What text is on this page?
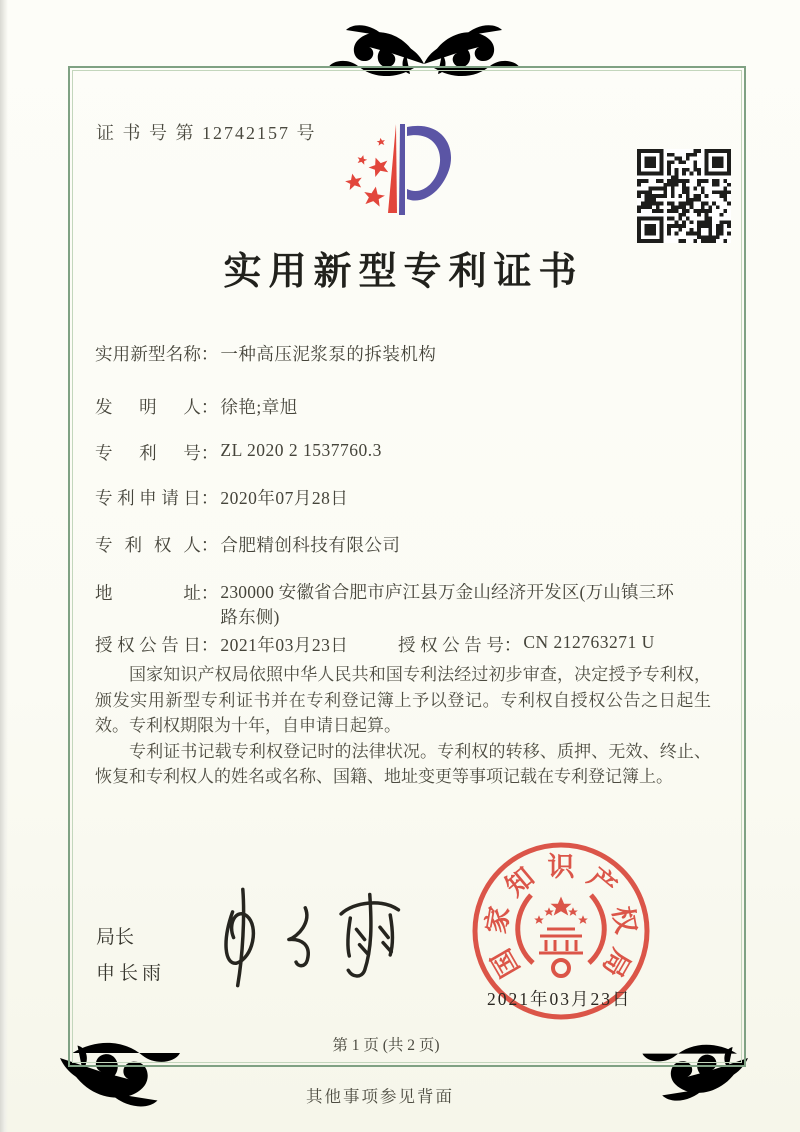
证 书 号 第 12742157 号
实用新型专利证书
实用新型名称： 一种高压泥浆泵的拆装机构
发明人： 徐艳;章旭
专利号： ZL 2020 2 1537760.3
专利申请日： 2020年07月28日
专利权人： 合肥精创科技有限公司
地址： 230000 安徽省合肥市庐江县万金山经济开发区(万山镇三环路东侧)
授权公告日： 2021年03月23日	授权公告号： CN 212763271 U

国家知识产权局依照中华人民共和国专利法经过初步审查，决定授予专利权，颁发实用新型专利证书并在专利登记簿上予以登记。专利权自授权公告之日起生效。专利权期限为十年，自申请日起算。

专利证书记载专利权登记时的法律状况。专利权的转移、质押、无效、终止、恢复和专利权人的姓名或名称、国籍、地址变更等事项记载在专利登记簿上。

局长
申长雨	国
家
知 识 产
权
局
2021年03月23日
第 1 页 (共 2 页)
其他事项参见背面
